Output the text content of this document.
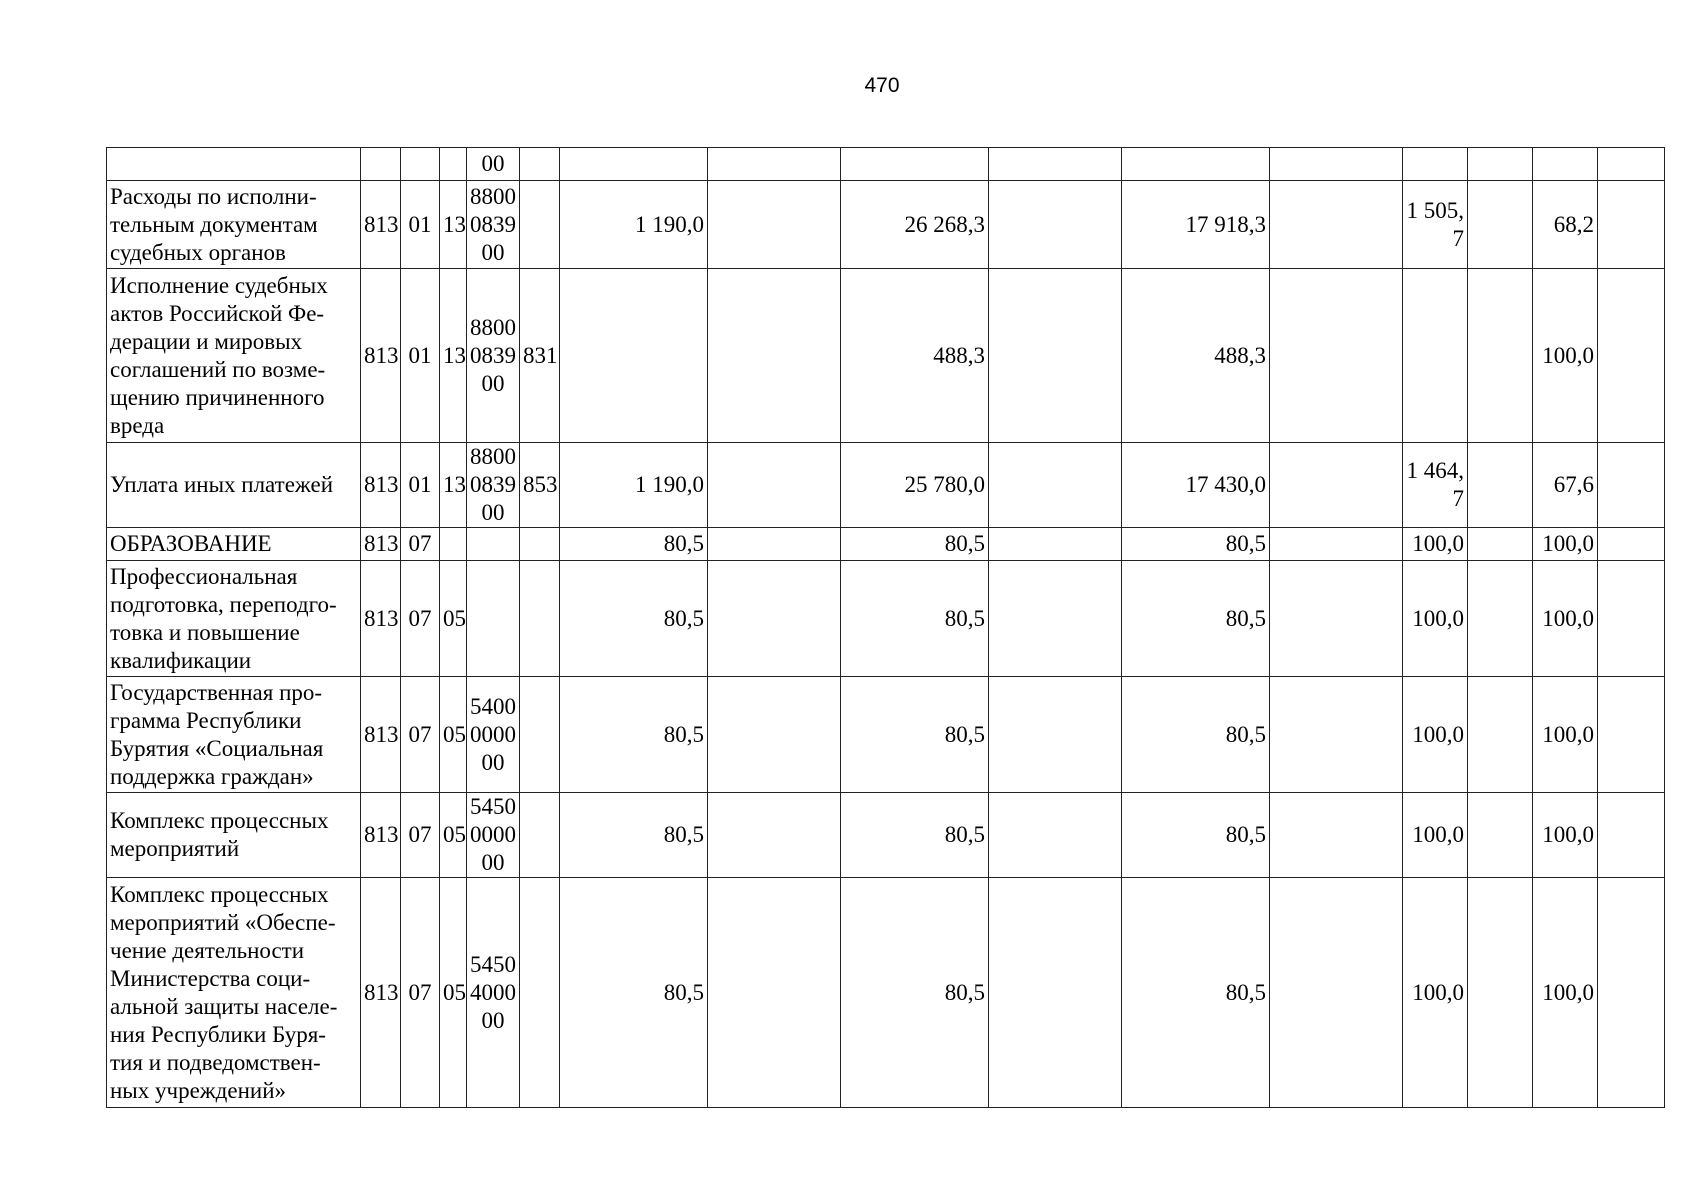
470
				00											
Расходы по исполни-тельным документам судебных органов	813	01	13	8800083900		1 190,0		26 268,3		17 918,3		1 505,7		68,2	
Исполнение судебных актов Российской Фе-дерации и мировых соглашений по возме-щению причиненного вреда	813	01	13	8800083900	831			488,3		488,3				100,0	
Уплата иных платежей	813	01	13	8800083900	853	1 190,0		25 780,0		17 430,0		1 464,7		67,6	
ОБРАЗОВАНИЕ	813	07				80,5		80,5		80,5		100,0		100,0	
Профессиональная подготовка, переподго-товка и повышение квалификации	813	07	05			80,5		80,5		80,5		100,0		100,0	
Государственная про-грамма Республики Бурятия «Социальная поддержка граждан»	813	07	05	5400000000		80,5		80,5		80,5		100,0		100,0	
Комплекс процессных мероприятий	813	07	05	5450000000		80,5		80,5		80,5		100,0		100,0	
Комплекс процессных мероприятий «Обеспе-чение деятельности Министерства соци-альной защиты населе-ния Республики Буря-тия и подведомствен-ных учреждений»	813	07	05	5450400000		80,5		80,5		80,5		100,0		100,0	
